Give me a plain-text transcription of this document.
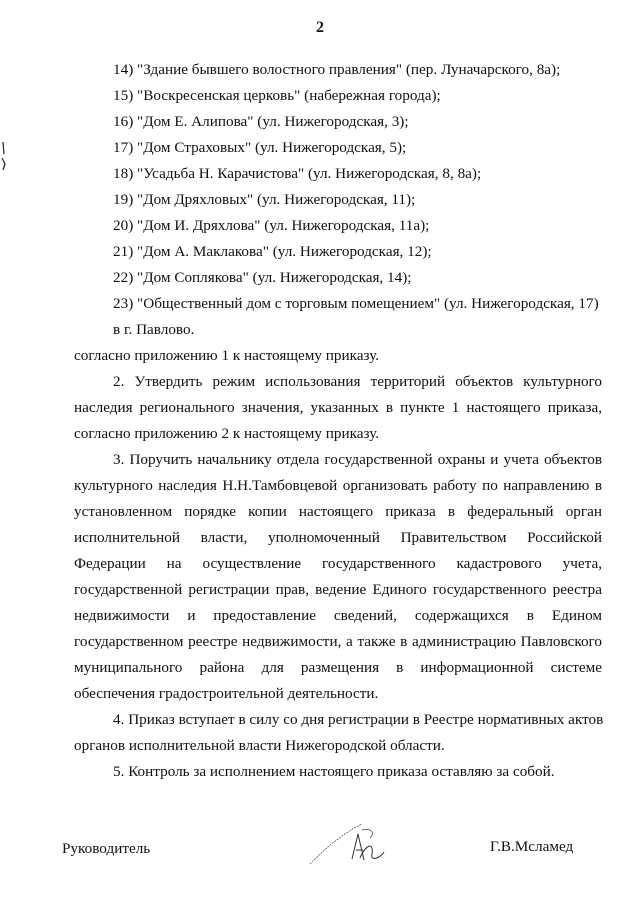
2
14) "Здание бывшего волостного правления" (пер. Луначарского, 8а);
15) "Воскресенская церковь" (набережная города);
16) "Дом Е. Алипова" (ул. Нижегородская, 3);
17) "Дом Страховых" (ул. Нижегородская, 5);
18) "Усадьба Н. Карачистова" (ул. Нижегородская, 8, 8а);
19) "Дом Дряхловых" (ул. Нижегородская, 11);
20) "Дом И. Дряхлова" (ул. Нижегородская, 11а);
21) "Дом А. Маклакова" (ул. Нижегородская, 12);
22) "Дом Соплякова" (ул. Нижегородская, 14);
23) "Общественный дом с торговым помещением" (ул. Нижегородская, 17)
в г. Павлово.
согласно приложению 1 к настоящему приказу.
2. Утвердить режим использования территорий объектов культурного
наследия регионального значения, указанных в пункте 1 настоящего приказа,
согласно приложению 2 к настоящему приказу.
3. Поручить начальнику отдела государственной охраны и учета объектов
культурного наследия Н.Н.Тамбовцевой организовать работу по направлению в
установленном порядке копии настоящего приказа в федеральный орган
исполнительной власти, уполномоченный Правительством Российской
Федерации на осуществление государственного кадастрового учета,
государственной регистрации прав, ведение Единого государственного реестра
недвижимости и предоставление сведений, содержащихся в Едином
государственном реестре недвижимости, а также в администрацию Павловского
муниципального района для размещения в информационной системе
обеспечения градостроительной деятельности.
4. Приказ вступает в силу со дня регистрации в Реестре нормативных актов
органов исполнительной власти Нижегородской области.
5. Контроль за исполнением настоящего приказа оставляю за собой.
Руководитель	Г.В.Мсламед
